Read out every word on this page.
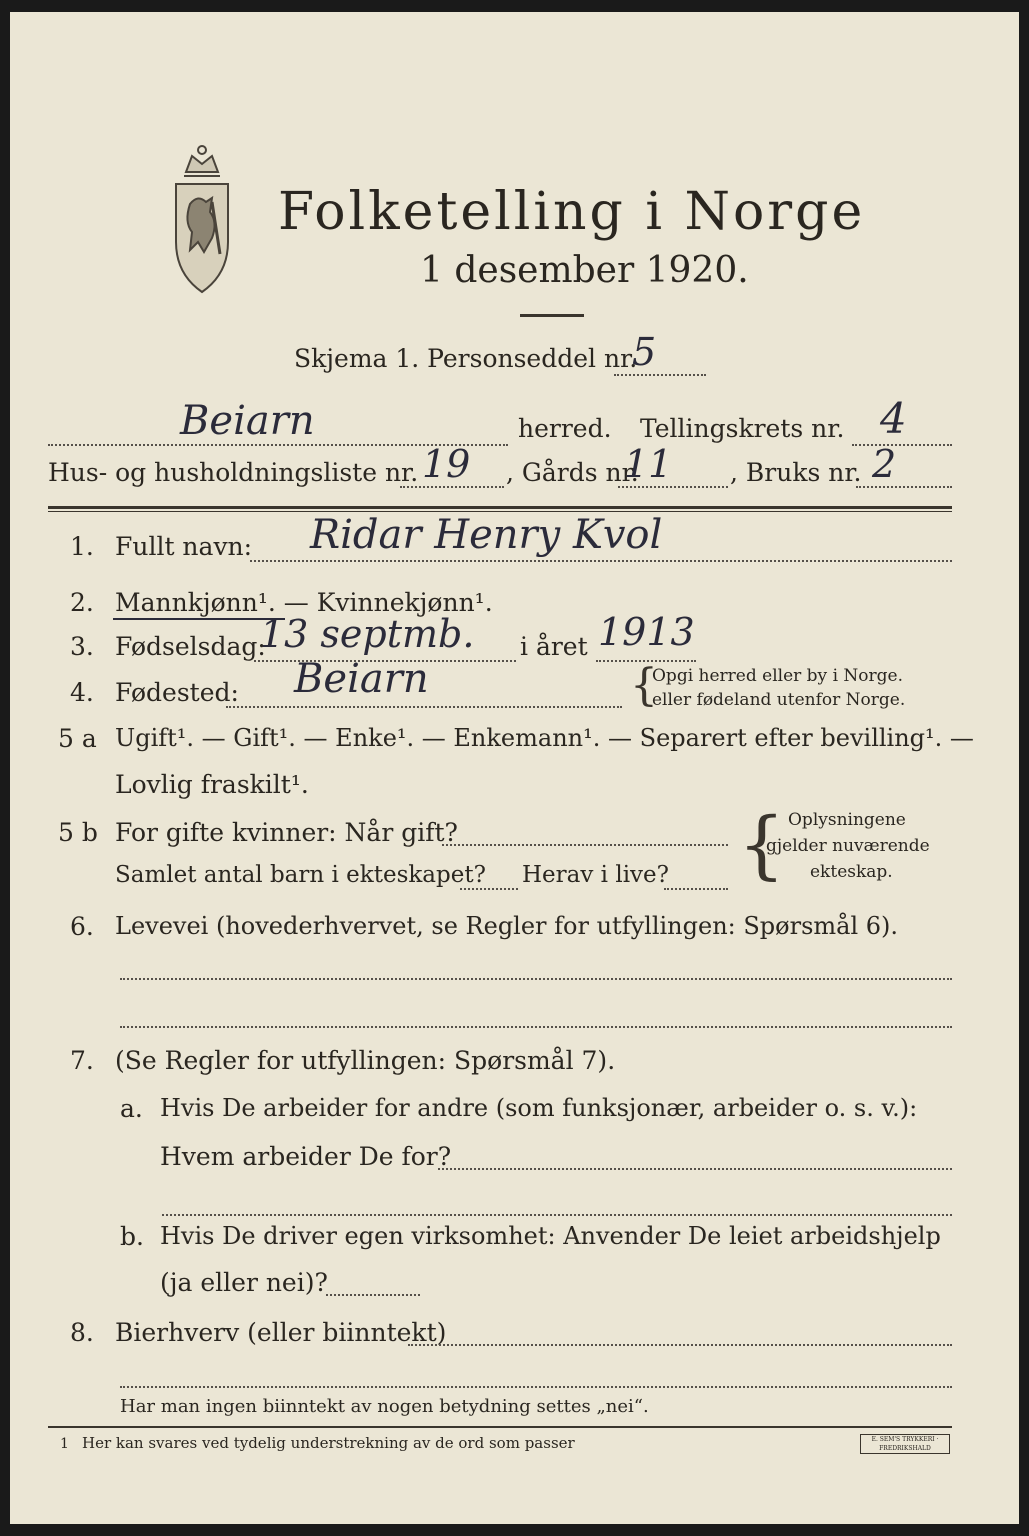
Folketelling i Norge
1 desember 1920.
Skjema 1. Personseddel nr.
5
Beiarn	herred. Tellingskrets nr. 4
Hus- og husholdningsliste nr. 19 , Gårds nr.
11 , Bruks nr. 2
1. Fullt navn: Ridar Henry Kvol
2. Mannkjønn¹. — Kvinnekjønn¹.
3. Fødselsdag:
13 septmb. i året 1913
4. Fødested: Beiarn	{
Opgi herred eller by i Norge.
eller fødeland utenfor Norge.
5 a Ugift¹. — Gift¹. — Enke¹. — Enkemann¹. — Separert efter bevilling¹. —
Lovlig fraskilt¹.
5 b For gifte kvinner: Når gift?
Samlet antal barn i ekteskapet? Herav i live? { Oplysningene
gjelder nuværende
ekteskap.
6. Levevei (hovederhvervet, se Regler for utfyllingen: Spørsmål 6).
7. (Se Regler for utfyllingen: Spørsmål 7).
a. Hvis De arbeider for andre (som funksjonær, arbeider o. s. v.):
Hvem arbeider De for?
b. Hvis De driver egen virksomhet: Anvender De leiet arbeidshjelp
(ja eller nei)?
8. Bierhverv (eller biinntekt)
Har man ingen biinntekt av nogen betydning settes „nei“.
1 Her kan svares ved tydelig understrekning av de ord som passer	E. SEM'S TRYKKERI · FREDRIKSHALD
